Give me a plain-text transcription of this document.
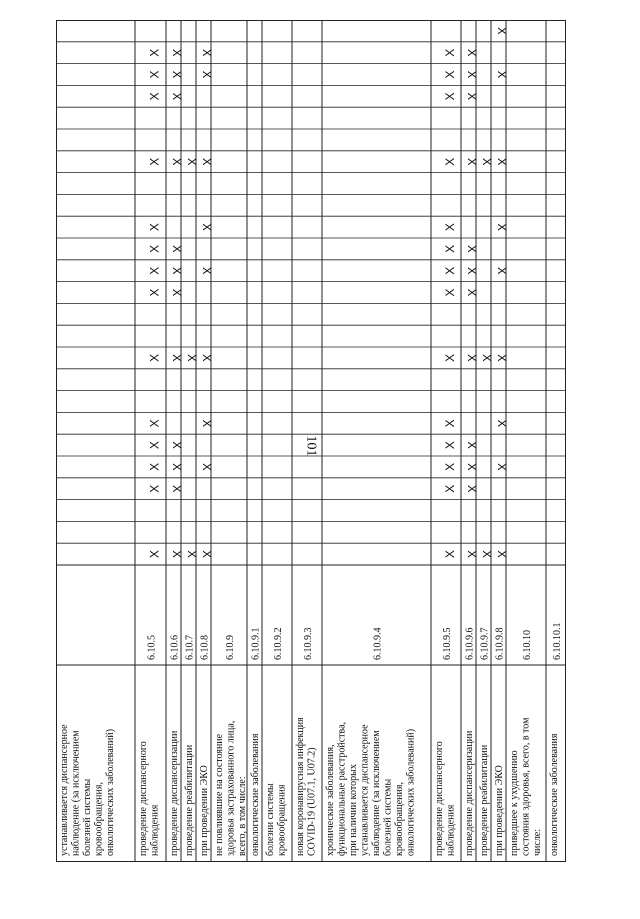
101
устанавливается диспансерное наблюдение (за исключением болезней системы кровообращения, онкологических заболеваний) проведение диспансерного наблюдения
6.10.5
Х
Х
Х
Х
Х
Х
Х
Х
Х
Х
Х
Х
Х
Х
проведение диспансеризации
6.10.6
Х
Х
Х
Х
Х
Х
Х
Х
Х
Х
Х
Х
проведение реабилитации
6.10.7
Х
Х
Х
при проведении ЭКО
6.10.8
Х
Х
Х
Х
Х
Х
Х
Х
Х
не повлиявшие на состояние здоровья застрахованного лица, всего, в том числе:
6.10.9
онкологические заболевания
6.10.9.1
болезни системы кровообращения
6.10.9.2
новая коронавирусная инфекция COVID-19 (U07.1, U07.2)
6.10.9.3
хронические заболевания, функциональные расстройства, при наличии которых устанавливается диспансерное наблюдение (за исключением болезней системы кровообращения, онкологических заболеваний)
6.10.9.4
проведение диспансерного наблюдения
6.10.9.5
Х
Х
Х
Х
Х
Х
Х
Х
Х
Х
Х
Х
Х
Х
проведение диспансеризации
6.10.9.6
Х
Х
Х
Х
Х
Х
Х
Х
Х
Х
Х
Х
проведение реабилитации
6.10.9.7
Х
Х
Х
при проведении ЭКО
6.10.9.8
Х
Х
Х
Х
Х
Х
Х
Х
Х
приведшее к ухудшению состояния здоровья, всего, в том числе:
6.10.10
онкологические заболевания
6.10.10.1
